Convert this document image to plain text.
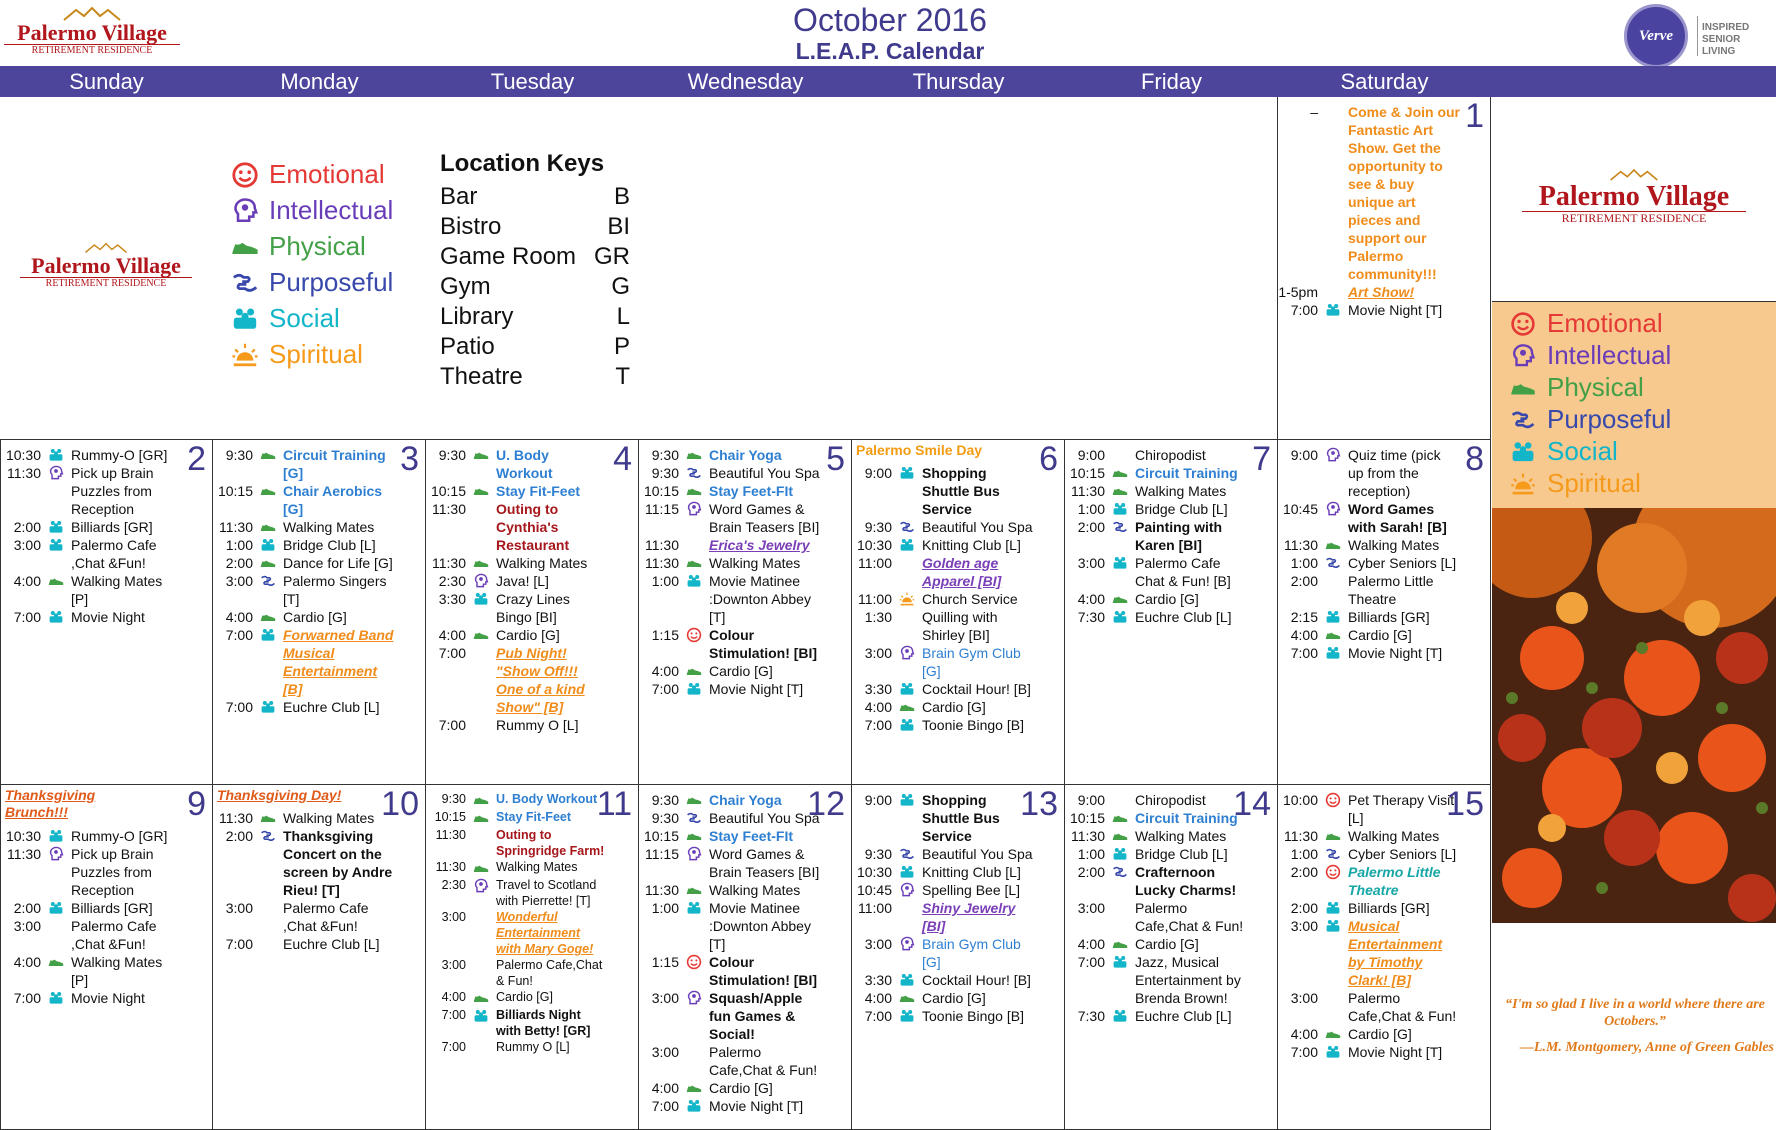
Palermo Village
RETIREMENT RESIDENCE
October 2016
L.E.A.P. Calendar
Verve
INSPIRED
SENIOR LIVING
Sunday	Monday	Tuesday	Wednesday	Thursday	Friday	Saturday
Palermo Village
RETIREMENT RESIDENCE
Emotional
Intellectual
Physical
Purposeful
Social
Spiritual
Location Keys
Bar	B
Bistro	BI
Game Room GR
Gym	G
Library	L
Patio	P
Theatre	T
1
–	Come & Join our Fantastic Art Show. Get the opportunity to see & buy unique art pieces and support our Palermo community!!!
1-5pm	Art Show!
7:00	Movie Night [T]
2
10:30	Rummy-O [GR]
11:30	Pick up Brain Puzzles from Reception
2:00	Billiards [GR]
3:00	Palermo Cafe ,Chat &Fun!
4:00	Walking Mates [P]
7:00	Movie Night
3
9:30	Circuit Training [G]
10:15	Chair Aerobics [G]
11:30	Walking Mates
1:00	Bridge Club [L]
2:00	Dance for Life [G]
3:00	Palermo Singers [T]
4:00	Cardio [G]
7:00	Forwarned Band Musical Entertainment [B]
7:00	Euchre Club [L]
4
9:30	U. Body Workout
10:15	Stay Fit-Feet
11:30	Outing to Cynthia's Restaurant
11:30	Walking Mates
2:30	Java! [L]
3:30	Crazy Lines Bingo [BI]
4:00	Cardio [G]
7:00	Pub Night! "Show Off!!! One of a kind Show" [B]
7:00	Rummy O [L]
5
9:30	Chair Yoga
9:30	Beautiful You Spa
10:15	Stay Feet-FIt
11:15	Word Games & Brain Teasers [BI]
11:30	Erica's Jewelry
11:30	Walking Mates
1:00	Movie Matinee :Downton Abbey [T]
1:15	Colour Stimulation! [BI]
4:00	Cardio [G]
7:00	Movie Night [T]
6
Palermo Smile Day
9:00	Shopping Shuttle Bus Service
9:30	Beautiful You Spa
10:30	Knitting Club [L]
11:00	Golden age Apparel [BI]
11:00	Church Service
1:30	Quilling with Shirley [BI]
3:00	Brain Gym Club [G]
3:30	Cocktail Hour! [B]
4:00	Cardio [G]
7:00	Toonie Bingo [B]
7
9:00	Chiropodist
10:15	Circuit Training
11:30	Walking Mates
1:00	Bridge Club [L]
2:00	Painting with Karen [BI]
3:00	Palermo Cafe Chat & Fun! [B]
4:00	Cardio [G]
7:30	Euchre Club [L]
8
9:00	Quiz time (pick up from the reception)
10:45	Word Games with Sarah! [B]
11:30	Walking Mates
1:00	Cyber Seniors [L]
2:00	Palermo Little Theatre
2:15	Billiards [GR]
4:00	Cardio [G]
7:00	Movie Night [T]
9
Thanksgiving Brunch!!!
10:30	Rummy-O [GR]
11:30	Pick up Brain Puzzles from Reception
2:00	Billiards [GR]
3:00	Palermo Cafe ,Chat &Fun!
4:00	Walking Mates [P]
7:00	Movie Night
10
Thanksgiving Day!
11:30	Walking Mates
2:00	Thanksgiving Concert on the screen by Andre Rieu! [T]
3:00	Palermo Cafe ,Chat &Fun!
7:00	Euchre Club [L]
11
9:30	U. Body Workout
10:15	Stay Fit-Feet
11:30	Outing to Springridge Farm!
11:30	Walking Mates
2:30	Travel to Scotland with Pierrette! [T]
3:00	Wonderful Entertainment with Mary Goge!
3:00	Palermo Cafe,Chat & Fun!
4:00	Cardio [G]
7:00	Billiards Night with Betty! [GR]
7:00	Rummy O [L]
12
9:30	Chair Yoga
9:30	Beautiful You Spa
10:15	Stay Feet-FIt
11:15	Word Games & Brain Teasers [BI]
11:30	Walking Mates
1:00	Movie Matinee :Downton Abbey [T]
1:15	Colour Stimulation! [BI]
3:00	Squash/Apple fun Games & Social!
3:00	Palermo Cafe,Chat & Fun!
4:00	Cardio [G]
7:00	Movie Night [T]
13
9:00	Shopping Shuttle Bus Service
9:30	Beautiful You Spa
10:30	Knitting Club [L]
10:45	Spelling Bee [L]
11:00	Shiny Jewelry [BI]
3:00	Brain Gym Club [G]
3:30	Cocktail Hour! [B]
4:00	Cardio [G]
7:00	Toonie Bingo [B]
14
9:00	Chiropodist
10:15	Circuit Training
11:30	Walking Mates
1:00	Bridge Club [L]
2:00	Crafternoon Lucky Charms!
3:00	Palermo Cafe,Chat & Fun!
4:00	Cardio [G]
7:00	Jazz, Musical Entertainment by Brenda Brown!
7:30	Euchre Club [L]
15
10:00	Pet Therapy Visit [L]
11:30	Walking Mates
1:00	Cyber Seniors [L]
2:00	Palermo Little Theatre
2:00	Billiards [GR]
3:00	Musical Entertainment by Timothy Clark! [B]
3:00	Palermo Cafe,Chat & Fun!
4:00	Cardio [G]
7:00	Movie Night [T]
Palermo Village
RETIREMENT RESIDENCE
Emotional
Intellectual
Physical
Purposeful
Social
Spiritual
“I'm so glad I live in a world where there are Octobers.”
—L.M. Montgomery, Anne of Green Gables
